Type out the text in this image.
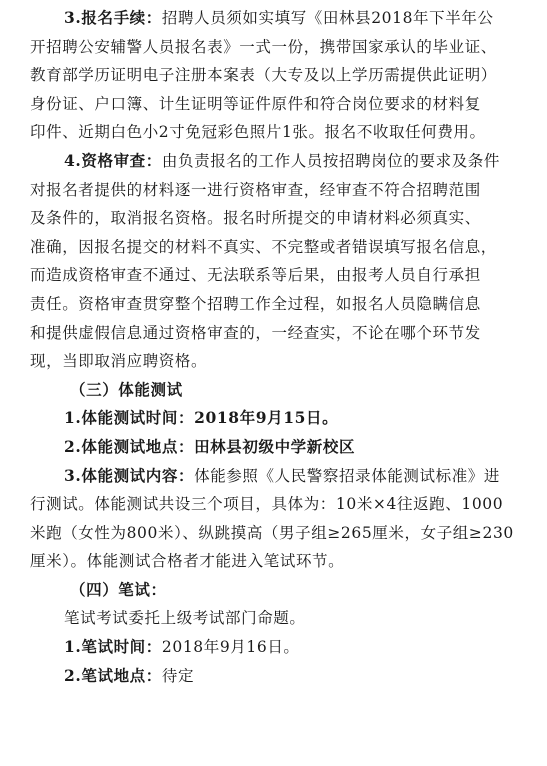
3.报名手续：招聘人员须如实填写《田林县2018年下半年公
开招聘公安辅警人员报名表》一式一份，携带国家承认的毕业证、
教育部学历证明电子注册本案表（大专及以上学历需提供此证明）
身份证、户口簿、计生证明等证件原件和符合岗位要求的材料复
印件、近期白色小2寸免冠彩色照片1张。报名不收取任何费用。
4.资格审查：由负责报名的工作人员按招聘岗位的要求及条件
对报名者提供的材料逐一进行资格审查，经审查不符合招聘范围
及条件的，取消报名资格。报名时所提交的申请材料必须真实、
准确，因报名提交的材料不真实、不完整或者错误填写报名信息，
而造成资格审查不通过、无法联系等后果，由报考人员自行承担
责任。资格审查贯穿整个招聘工作全过程，如报名人员隐瞒信息
和提供虚假信息通过资格审查的，一经查实，不论在哪个环节发
现，当即取消应聘资格。
（三）体能测试
1.体能测试时间：2018年9月15日。
2.体能测试地点：田林县初级中学新校区
3.体能测试内容：体能参照《人民警察招录体能测试标准》进
行测试。体能测试共设三个项目，具体为：10米×4往返跑、1000
米跑（女性为800米）、纵跳摸高（男子组≥265厘米，女子组≥230
厘米）。体能测试合格者才能进入笔试环节。
（四）笔试：
笔试考试委托上级考试部门命题。
1.笔试时间：2018年9月16日。
2.笔试地点：待定
